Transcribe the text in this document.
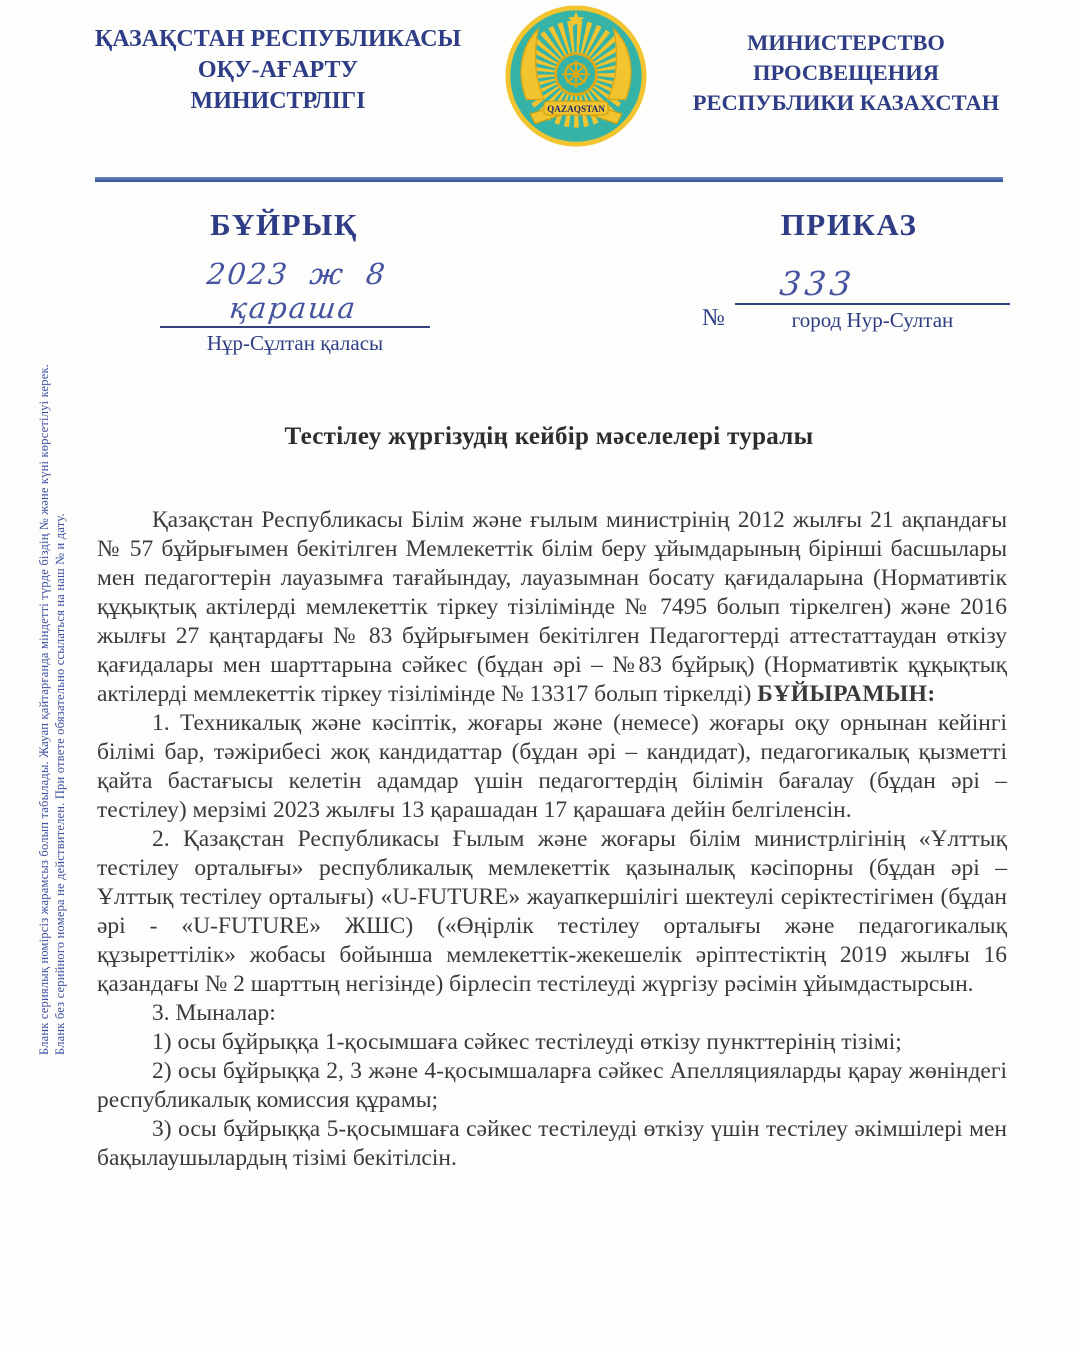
Бланк сериялық номірсіз жарамсыз болып табылады. Жауап қайтарғанда міндетті түрде біздің № және күні көрсетілуі керек. Бланк без серийного номера не действителен. При ответе обязательно ссылаться на наш № и дату.
ҚАЗАҚСТАН РЕСПУБЛИКАСЫ
ОҚУ-АҒАРТУ
МИНИСТРЛІГІ	QAZAQSTAN
МИНИСТЕРСТВО
ПРОСВЕЩЕНИЯ
РЕСПУБЛИКИ КАЗАХСТАН
БҰЙРЫҚ
2023 ж 8 қараша
Нұр-Сұлтан қаласы
ПРИКАЗ
№
333
город Нур-Султан
Тестілеу жүргізудің кейбір мәселелері туралы

Қазақстан Республикасы Білім және ғылым министрінің 2012 жылғы 21 ақпандағы № 57 бұйрығымен бекітілген Мемлекеттік білім беру ұйымдарының бірінші басшылары мен педагогтерін лауазымға тағайындау, лауазымнан босату қағидаларына (Нормативтік құқықтық актілерді мемлекеттік тіркеу тізілімінде № 7495 болып тіркелген) және 2016 жылғы 27 қаңтардағы № 83 бұйрығымен бекітілген Педагогтерді аттестаттаудан өткізу қағидалары мен шарттарына сәйкес (бұдан әрі – №83 бұйрық) (Нормативтік құқықтық актілерді мемлекеттік тіркеу тізілімінде № 13317 болып тіркелді) БҰЙЫРАМЫН:

1. Техникалық және кәсіптік, жоғары және (немесе) жоғары оқу орнынан кейінгі білімі бар, тәжірибесі жоқ кандидаттар (бұдан әрі – кандидат), педагогикалық қызметті қайта бастағысы келетін адамдар үшін педагогтердің білімін бағалау (бұдан әрі – тестілеу) мерзімі 2023 жылғы 13 қарашадан 17 қарашаға дейін белгіленсін.

2. Қазақстан Республикасы Ғылым және жоғары білім министрлігінің «Ұлттық тестілеу орталығы» республикалық мемлекеттік қазыналық кәсіпорны (бұдан әрі – Ұлттық тестілеу орталығы) «U-FUTURE» жауапкершілігі шектеулі серіктестігімен (бұдан әрі - «U-FUTURE» ЖШС) («Өңірлік тестілеу орталығы және педагогикалық құзыреттілік» жобасы бойынша мемлекеттік-жекешелік әріптестіктің 2019 жылғы 16 қазандағы № 2 шарттың негізінде) бірлесіп тестілеуді жүргізу рәсімін ұйымдастырсын.

3. Мыналар:

1) осы бұйрыққа 1-қосымшаға сәйкес тестілеуді өткізу пункттерінің тізімі;

2) осы бұйрыққа 2, 3 және 4-қосымшаларға сәйкес Апелляцияларды қарау жөніндегі республикалық комиссия құрамы;

3) осы бұйрыққа 5-қосымшаға сәйкес тестілеуді өткізу үшін тестілеу әкімшілері мен бақылаушылардың тізімі бекітілсін.
